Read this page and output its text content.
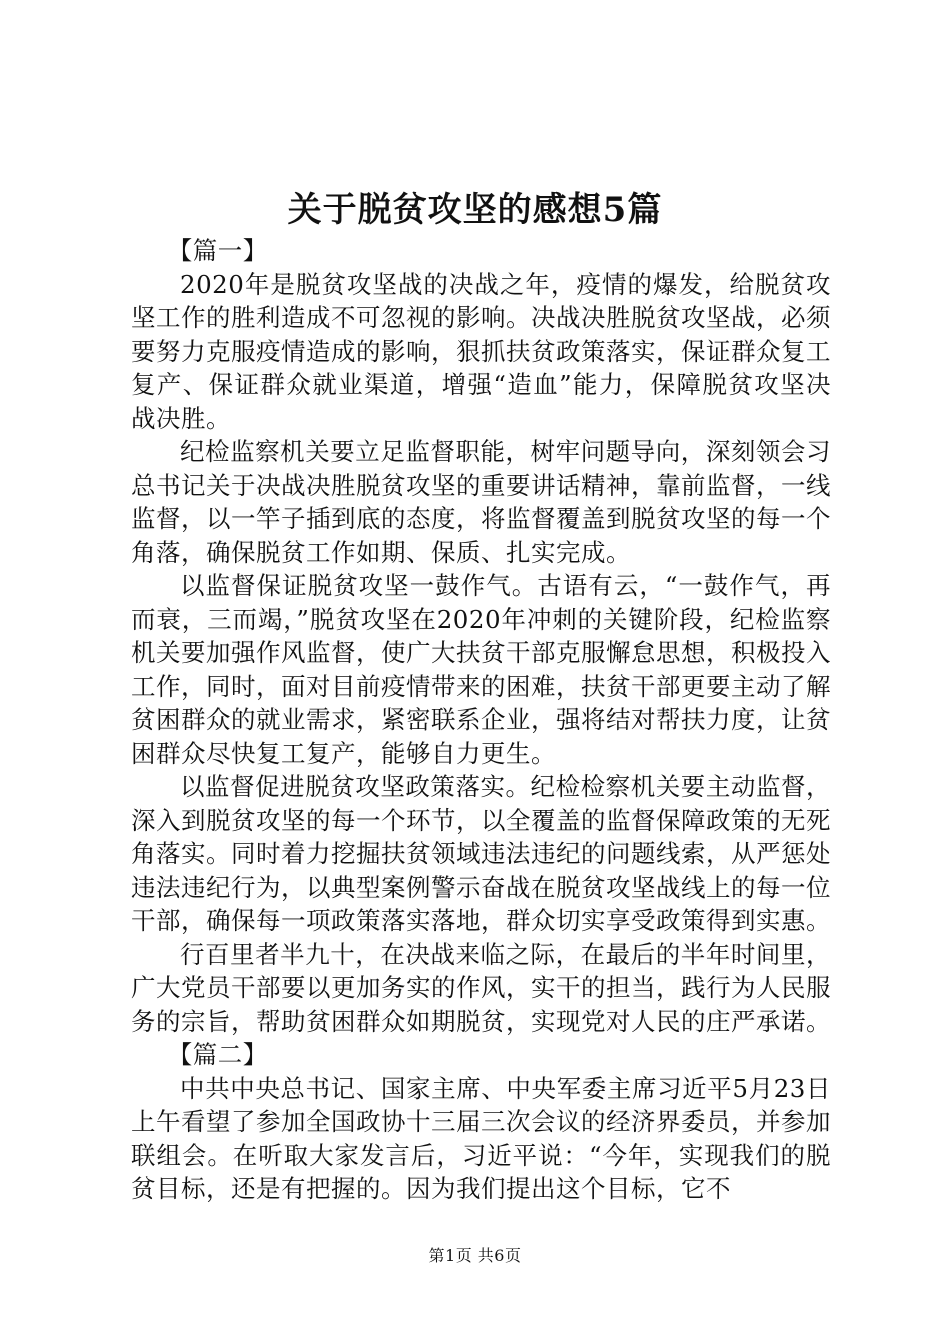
关于脱贫攻坚的感想5篇

【篇一】

2020年是脱贫攻坚战的决战之年，疫情的爆发，给脱贫攻坚工作的胜利造成不可忽视的影响。决战决胜脱贫攻坚战，必须要努力克服疫情造成的影响，狠抓扶贫政策落实，保证群众复工复产、保证群众就业渠道，增强“造血”能力，保障脱贫攻坚决战决胜。

纪检监察机关要立足监督职能，树牢问题导向，深刻领会习总书记关于决战决胜脱贫攻坚的重要讲话精神，靠前监督，一线监督，以一竿子插到底的态度，将监督覆盖到脱贫攻坚的每一个角落，确保脱贫工作如期、保质、扎实完成。

以监督保证脱贫攻坚一鼓作气。古语有云，“一鼓作气，再而衰，三而竭，”脱贫攻坚在2020年冲刺的关键阶段，纪检监察机关要加强作风监督，使广大扶贫干部克服懈怠思想，积极投入工作，同时，面对目前疫情带来的困难，扶贫干部更要主动了解贫困群众的就业需求，紧密联系企业，强将结对帮扶力度，让贫困群众尽快复工复产，能够自力更生。

以监督促进脱贫攻坚政策落实。纪检检察机关要主动监督，深入到脱贫攻坚的每一个环节，以全覆盖的监督保障政策的无死角落实。同时着力挖掘扶贫领域违法违纪的问题线索，从严惩处违法违纪行为，以典型案例警示奋战在脱贫攻坚战线上的每一位干部，确保每一项政策落实落地，群众切实享受政策得到实惠。

行百里者半九十，在决战来临之际，在最后的半年时间里，广大党员干部要以更加务实的作风，实干的担当，践行为人民服务的宗旨，帮助贫困群众如期脱贫，实现党对人民的庄严承诺。

【篇二】

中共中央总书记、国家主席、中央军委主席习近平5月23日上午看望了参加全国政协十三届三次会议的经济界委员，并参加联组会。在听取大家发言后，习近平说：“今年，实现我们的脱贫目标，还是有把握的。因为我们提出这个目标，它不

第1页 共6页
